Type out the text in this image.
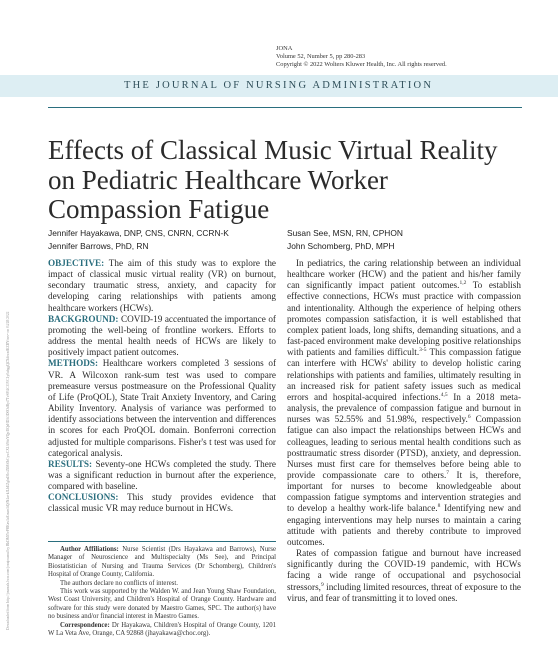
JONA
Volume 52, Number 5, pp 280-283
Copyright © 2022 Wolters Kluwer Health, Inc. All rights reserved.
THE JOURNAL OF NURSING ADMINISTRATION
Downloaded from http://journals.lww.com/jonajournal by BhDMf5ePHKav1zEoum1tQfN4a+kJLhEZgbsIHo4XMi0hCywCX1AWnYQp/IlQrHD3i3D0OdRyi7TvSFl4Cf3VC1y0abggQZXdtwnfKZBYtws= on 04/28/2022
Effects of Classical Music Virtual Reality on Pediatric Healthcare Worker Compassion Fatigue
Jennifer Hayakawa, DNP, CNS, CNRN, CCRN-K
Jennifer Barrows, PhD, RN
Susan See, MSN, RN, CPHON
John Schomberg, PhD, MPH

OBJECTIVE: The aim of this study was to explore the impact of classical music virtual reality (VR) on burnout, secondary traumatic stress, anxiety, and capacity for developing caring relationships with patients among healthcare workers (HCWs).

BACKGROUND: COVID-19 accentuated the importance of promoting the well-being of frontline workers. Efforts to address the mental health needs of HCWs are likely to positively impact patient outcomes.

METHODS: Healthcare workers completed 3 sessions of VR. A Wilcoxon rank-sum test was used to compare premeasure versus postmeasure on the Professional Quality of Life (ProQOL), State Trait Anxiety Inventory, and Caring Ability Inventory. Analysis of variance was performed to identify associations between the intervention and differences in scores for each ProQOL domain. Bonferroni correction adjusted for multiple comparisons. Fisher's t test was used for categorical analysis.

RESULTS: Seventy-one HCWs completed the study. There was a significant reduction in burnout after the experience, compared with baseline.

CONCLUSIONS: This study provides evidence that classical music VR may reduce burnout in HCWs.

Author Affiliations: Nurse Scientist (Drs Hayakawa and Barrows), Nurse Manager of Neuroscience and Multispecialty (Ms See), and Principal Biostatistician of Nursing and Trauma Services (Dr Schomberg), Children's Hospital of Orange County, California.

The authors declare no conflicts of interest.

This work was supported by the Walden W. and Jean Young Shaw Foundation, West Coast University, and Children's Hospital of Orange County. Hardware and software for this study were donated by Maestro Games, SPC. The author(s) have no business and/or financial interest in Maestro Games.

Correspondence: Dr Hayakawa, Children's Hospital of Orange County, 1201 W La Veta Ave, Orange, CA 92868 (jhayakawa@choc.org).

In pediatrics, the caring relationship between an individual healthcare worker (HCW) and the patient and his/her family can significantly impact patient outcomes.$^{1,2}$ To establish effective connections, HCWs must practice with compassion and intentionality. Although the experience of helping others promotes compassion satisfaction, it is well established that complex patient loads, long shifts, demanding situations, and a fast-paced environment make developing positive relationships with patients and families difficult.$^{3-5}$ This compassion fatigue can interfere with HCWs' ability to develop holistic caring relationships with patients and families, ultimately resulting in an increased risk for patient safety issues such as medical errors and hospital-acquired infections.$^{4,5}$ In a 2018 meta-analysis, the prevalence of compassion fatigue and burnout in nurses was 52.55% and 51.98%, respectively.$^6$ Compassion fatigue can also impact the relationships between HCWs and colleagues, leading to serious mental health conditions such as posttraumatic stress disorder (PTSD), anxiety, and depression. Nurses must first care for themselves before being able to provide compassionate care to others.$^7$ It is, therefore, important for nurses to become knowledgeable about compassion fatigue symptoms and intervention strategies and to develop a healthy work-life balance.$^8$ Identifying new and engaging interventions may help nurses to maintain a caring attitude with patients and thereby contribute to improved outcomes.

Rates of compassion fatigue and burnout have increased significantly during the COVID-19 pandemic, with HCWs facing a wide range of occupational and psychosocial stressors,$^9$ including limited resources, threat of exposure to the virus, and fear of transmitting it to loved ones.
